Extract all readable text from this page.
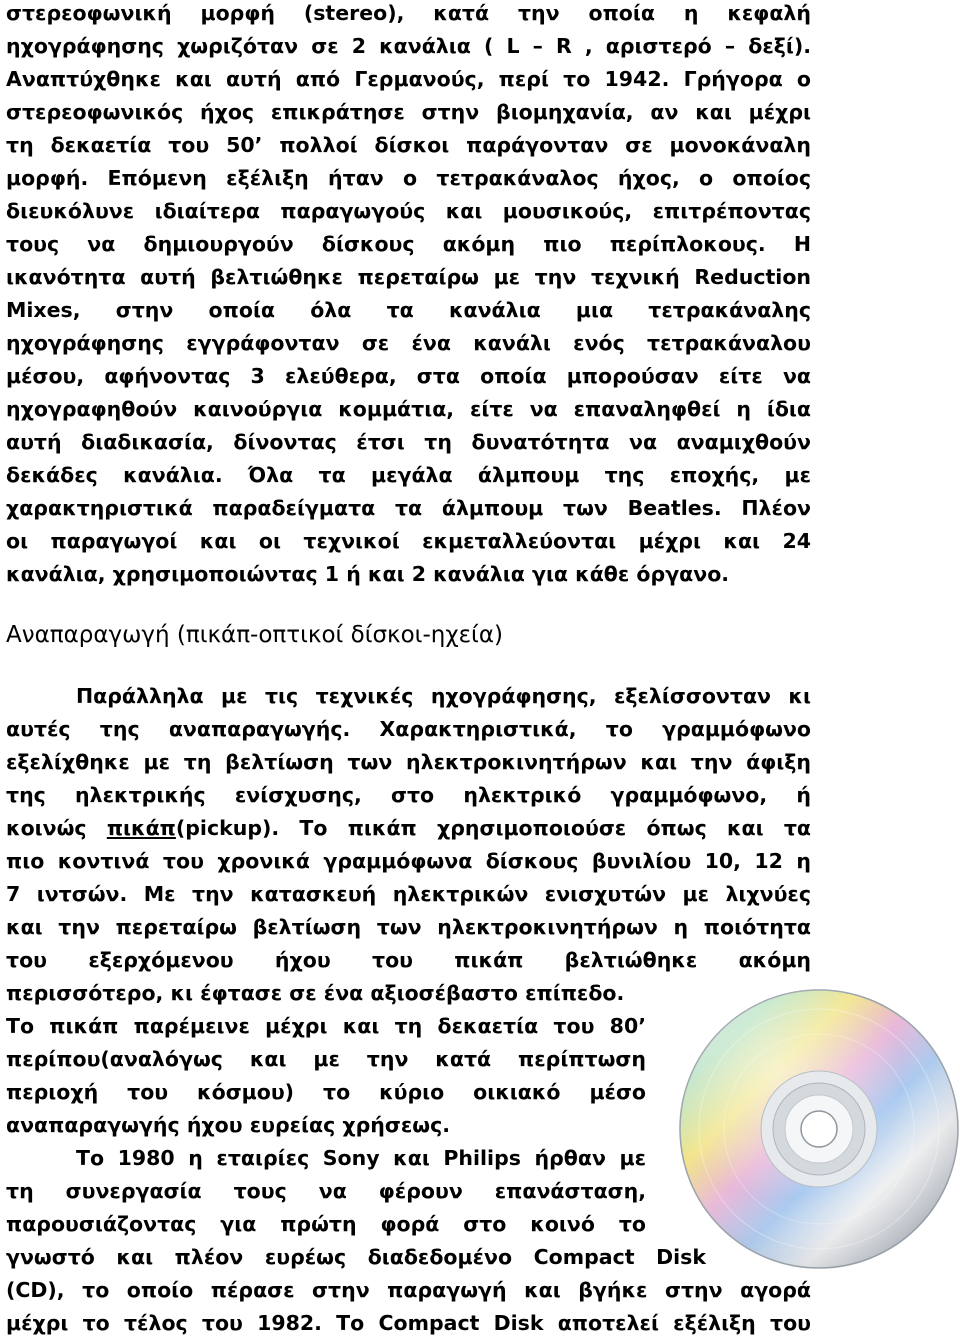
στερεοφωνική μορφή (stereo), κατά την οποία η κεφαλή
ηχογράφησης χωριζόταν σε 2 κανάλια ( L – R , αριστερό – δεξί).
Αναπτύχθηκε και αυτή από Γερμανούς, περί το 1942. Γρήγορα ο
στερεοφωνικός ήχος επικράτησε στην βιομηχανία, αν και μέχρι
τη δεκαετία του 50’ πολλοί δίσκοι παράγονταν σε μονοκάναλη
μορφή. Επόμενη εξέλιξη ήταν ο τετρακάναλος ήχος, ο οποίος
διευκόλυνε ιδιαίτερα παραγωγούς και μουσικούς, επιτρέποντας
τους να δημιουργούν δίσκους ακόμη πιο περίπλοκους. Η
ικανότητα αυτή βελτιώθηκε περεταίρω με την τεχνική Reduction
Mixes, στην οποία όλα τα κανάλια μια τετρακάναλης
ηχογράφησης εγγράφονταν σε ένα κανάλι ενός τετρακάναλου
μέσου, αφήνοντας 3 ελεύθερα, στα οποία μπορούσαν είτε να
ηχογραφηθούν καινούργια κομμάτια, είτε να επαναληφθεί η ίδια
αυτή διαδικασία, δίνοντας έτσι τη δυνατότητα να αναμιχθούν
δεκάδες κανάλια. Όλα τα μεγάλα άλμπουμ της εποχής, με
χαρακτηριστικά παραδείγματα τα άλμπουμ των Beatles. Πλέον
οι παραγωγοί και οι τεχνικοί εκμεταλλεύονται μέχρι και 24
κανάλια, χρησιμοποιώντας 1 ή και 2 κανάλια για κάθε όργανο.
Αναπαραγωγή (πικάπ-οπτικοί δίσκοι-ηχεία)
Παράλληλα με τις τεχνικές ηχογράφησης, εξελίσσονταν κι
αυτές της αναπαραγωγής. Χαρακτηριστικά, το γραμμόφωνο
εξελίχθηκε με τη βελτίωση των ηλεκτροκινητήρων και την άφιξη
της ηλεκτρικής ενίσχυσης, στο ηλεκτρικό γραμμόφωνο, ή
κοινώς πικάπ(pickup). Το πικάπ χρησιμοποιούσε όπως και τα
πιο κοντινά του χρονικά γραμμόφωνα δίσκους βυνιλίου 10, 12 η
7 ιντσών. Με την κατασκευή ηλεκτρικών ενισχυτών με λιχνύες
και την περεταίρω βελτίωση των ηλεκτροκινητήρων η ποιότητα
του εξερχόμενου ήχου του πικάπ βελτιώθηκε ακόμη
περισσότερο, κι έφτασε σε ένα αξιοσέβαστο επίπεδο.
Το πικάπ παρέμεινε μέχρι και τη δεκαετία του 80’
περίπου(αναλόγως και με την κατά περίπτωση
περιοχή του κόσμου) το κύριο οικιακό μέσο
αναπαραγωγής ήχου ευρείας χρήσεως.
Το 1980 η εταιρίες Sony και Philips ήρθαν με
τη συνεργασία τους να φέρουν επανάσταση,
παρουσιάζοντας για πρώτη φορά στο κοινό το
γνωστό και πλέον ευρέως διαδεδομένο Compact Disk
(CD), το οποίο πέρασε στην παραγωγή και βγήκε στην αγορά
μέχρι το τέλος του 1982. Το Compact Disk αποτελεί εξέλιξη του
